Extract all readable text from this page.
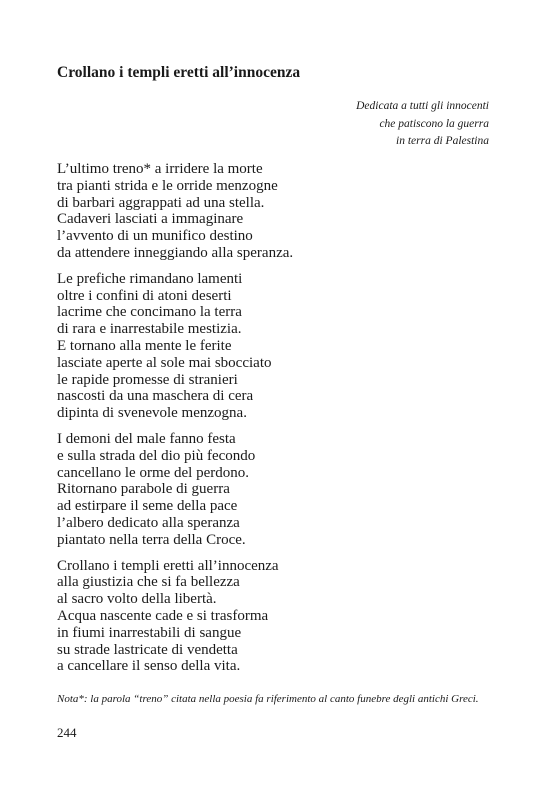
Crollano i templi eretti all’innocenza
Dedicata a tutti gli innocenti
che patiscono la guerra
in terra di Palestina
L’ultimo treno* a irridere la morte
tra pianti strida e le orride menzogne
di barbari aggrappati ad una stella.
Cadaveri lasciati a immaginare
l’avvento di un munifico destino
da attendere inneggiando alla speranza.
Le prefiche rimandano lamenti
oltre i confini di atoni deserti
lacrime che concimano la terra
di rara e inarrestabile mestizia.
E tornano alla mente le ferite
lasciate aperte al sole mai sbocciato
le rapide promesse di stranieri
nascosti da una maschera di cera
dipinta di svenevole menzogna.
I demoni del male fanno festa
e sulla strada del dio più fecondo
cancellano le orme del perdono.
Ritornano parabole di guerra
ad estirpare il seme della pace
l’albero dedicato alla speranza
piantato nella terra della Croce.
Crollano i templi eretti all’innocenza
alla giustizia che si fa bellezza
al sacro volto della libertà.
Acqua nascente cade e si trasforma
in fiumi inarrestabili di sangue
su strade lastricate di vendetta
a cancellare il senso della vita.
Nota*: la parola “treno” citata nella poesia fa riferimento al canto funebre degli antichi Greci.
244
